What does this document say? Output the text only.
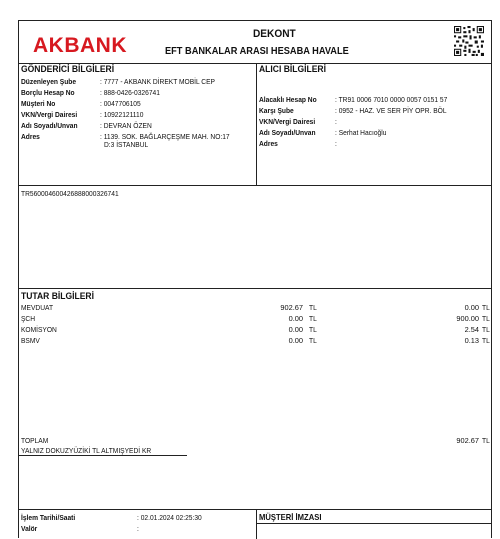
AKBANK	DEKONT
EFT BANKALAR ARASI HESABA HAVALE
GÖNDERİCİ BİLGİLERİ
Düzenleyen Şube	: 7777 - AKBANK DİREKT MOBİL CEP
Borçlu Hesap No	: 888-0426-0326741
Müşteri No	: 0047706105
VKN/Vergi Dairesi	: 10922121110
Adı Soyadı/Unvan	: DEVRAN ÖZEN
Adres	: 1139. SOK. BAĞLARÇEŞME MAH. NO:17
D:3 İSTANBUL
ALICI BİLGİLERİ
Alacaklı Hesap No : TR91 0006 7010 0000 0057 0151 57
Karşı Şube	: 0952 - HAZ. VE SER PİY OPR. BÖL
VKN/Vergi Dairesi	:
Adı Soyadı/Unvan	: Serhat Hacıoğlu
Adres	:
TR560004600426888000326741
TUTAR BİLGİLERİ
MEVDUAT	902.67 TL	0.00 TL
ŞCH	0.00 TL	900.00 TL
KOMİSYON	0.00 TL	2.54 TL
BSMV	0.00 TL	0.13 TL
TOPLAM	902.67 TL
YALNIZ DOKUZYÜZİKİ TL ALTMIŞYEDİ KR
İşlem Tarihi/Saati	: 02.01.2024 02:25:30
Valör	:
MÜŞTERİ İMZASI
